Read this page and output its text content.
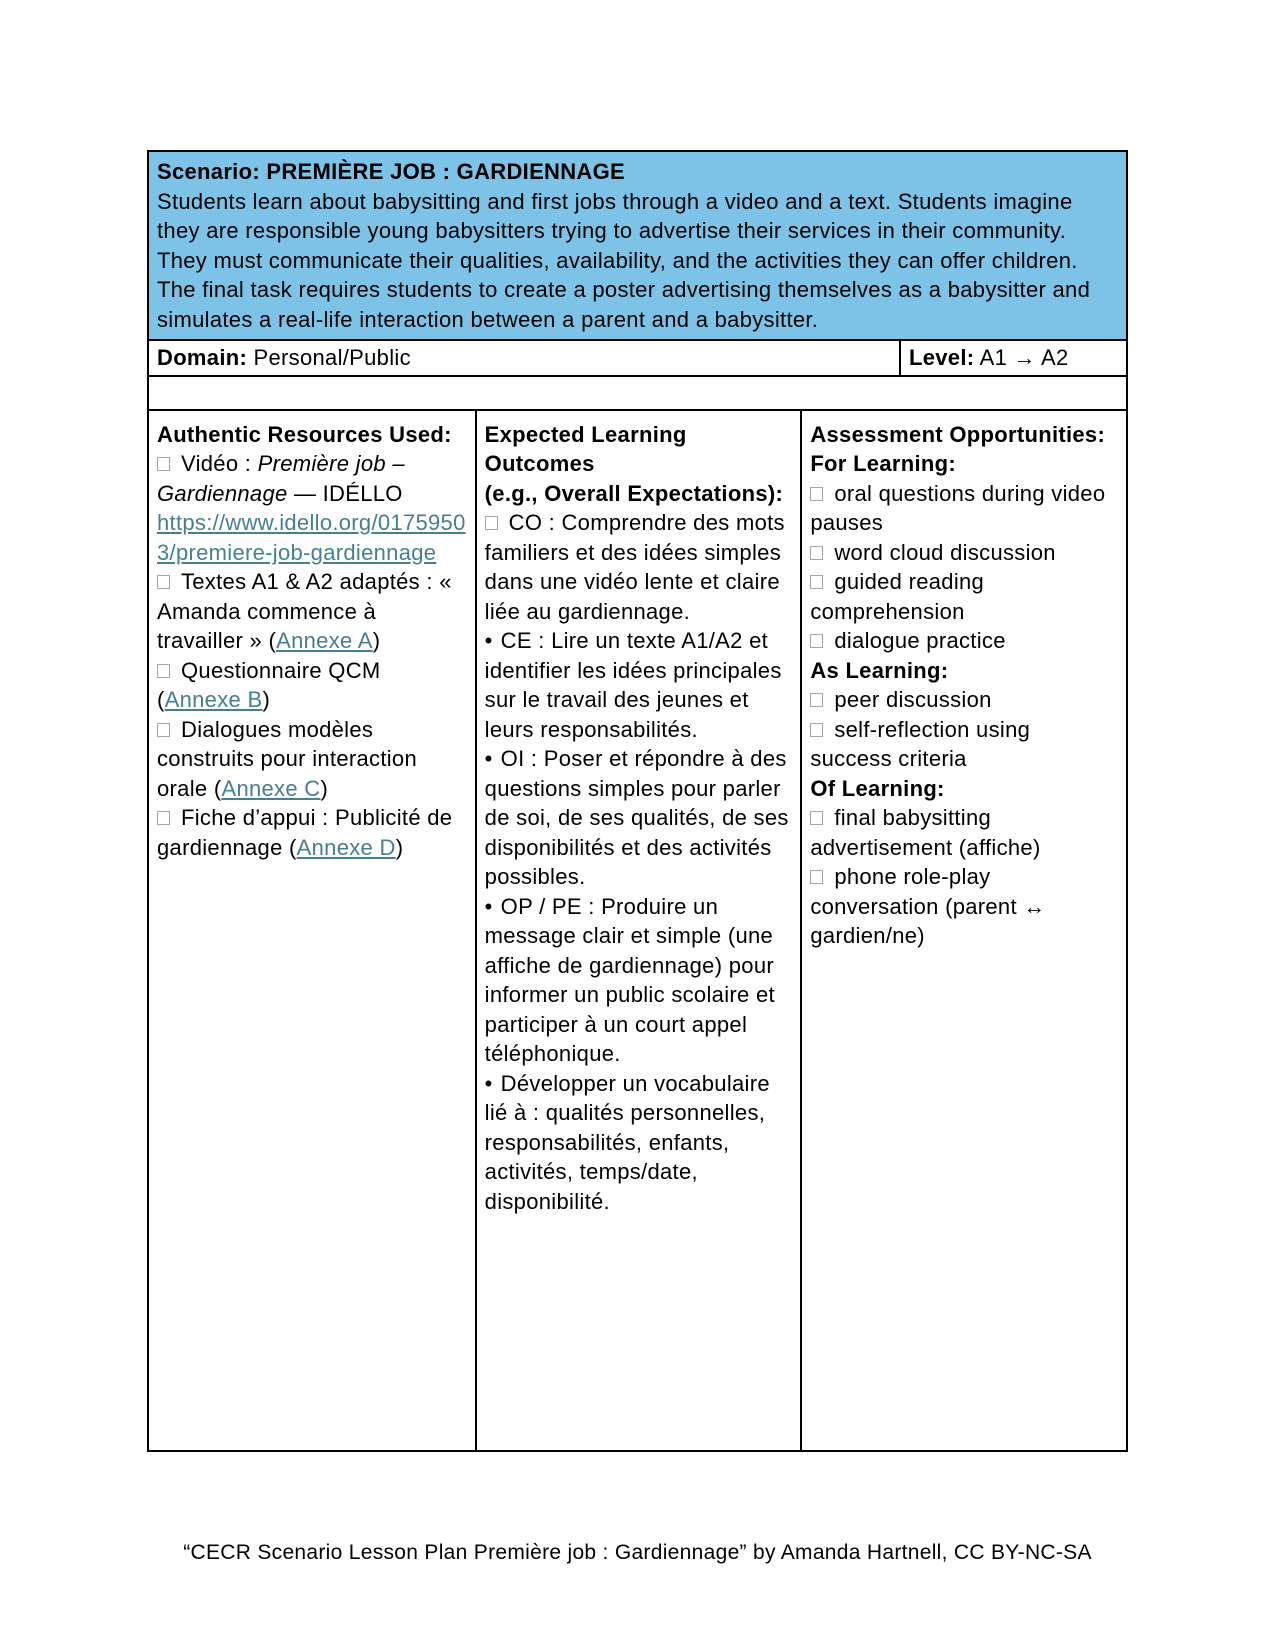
Scenario: PREMIÈRE JOB : GARDIENNAGE
Students learn about babysitting and first jobs through a video and a text. Students imagine they are responsible young babysitters trying to advertise their services in their community. They must communicate their qualities, availability, and the activities they can offer children. The final task requires students to create a poster advertising themselves as a babysitter and simulates a real-life interaction between a parent and a babysitter.
Domain: Personal/Public	Level: A1 → A2
Authentic Resources Used:
Vidéo : Première job – Gardiennage — IDÉLLO
https://www.idello.org/01759503/premiere-job-gardiennage
Textes A1 & A2 adaptés : « Amanda commence à travailler » (Annexe A)
Questionnaire QCM (Annexe B)
Dialogues modèles construits pour interaction orale (Annexe C)
Fiche d’appui : Publicité de gardiennage (Annexe D)
Expected Learning Outcomes
(e.g., Overall Expectations):
CO : Comprendre des mots familiers et des idées simples dans une vidéo lente et claire liée au gardiennage.
• CE : Lire un texte A1/A2 et identifier les idées principales sur le travail des jeunes et leurs responsabilités.
• OI : Poser et répondre à des questions simples pour parler de soi, de ses qualités, de ses disponibilités et des activités possibles.
• OP / PE : Produire un message clair et simple (une affiche de gardiennage) pour informer un public scolaire et participer à un court appel téléphonique.
• Développer un vocabulaire lié à : qualités personnelles, responsabilités, enfants, activités, temps/date, disponibilité.
Assessment Opportunities:
For Learning:
oral questions during video pauses
word cloud discussion
guided reading comprehension
dialogue practice
As Learning:
peer discussion
self-reflection using success criteria
Of Learning:
final babysitting advertisement (affiche)
phone role-play conversation (parent ↔ gardien/ne)
“CECR Scenario Lesson Plan Première job : Gardiennage” by Amanda Hartnell, CC BY-NC-SA
